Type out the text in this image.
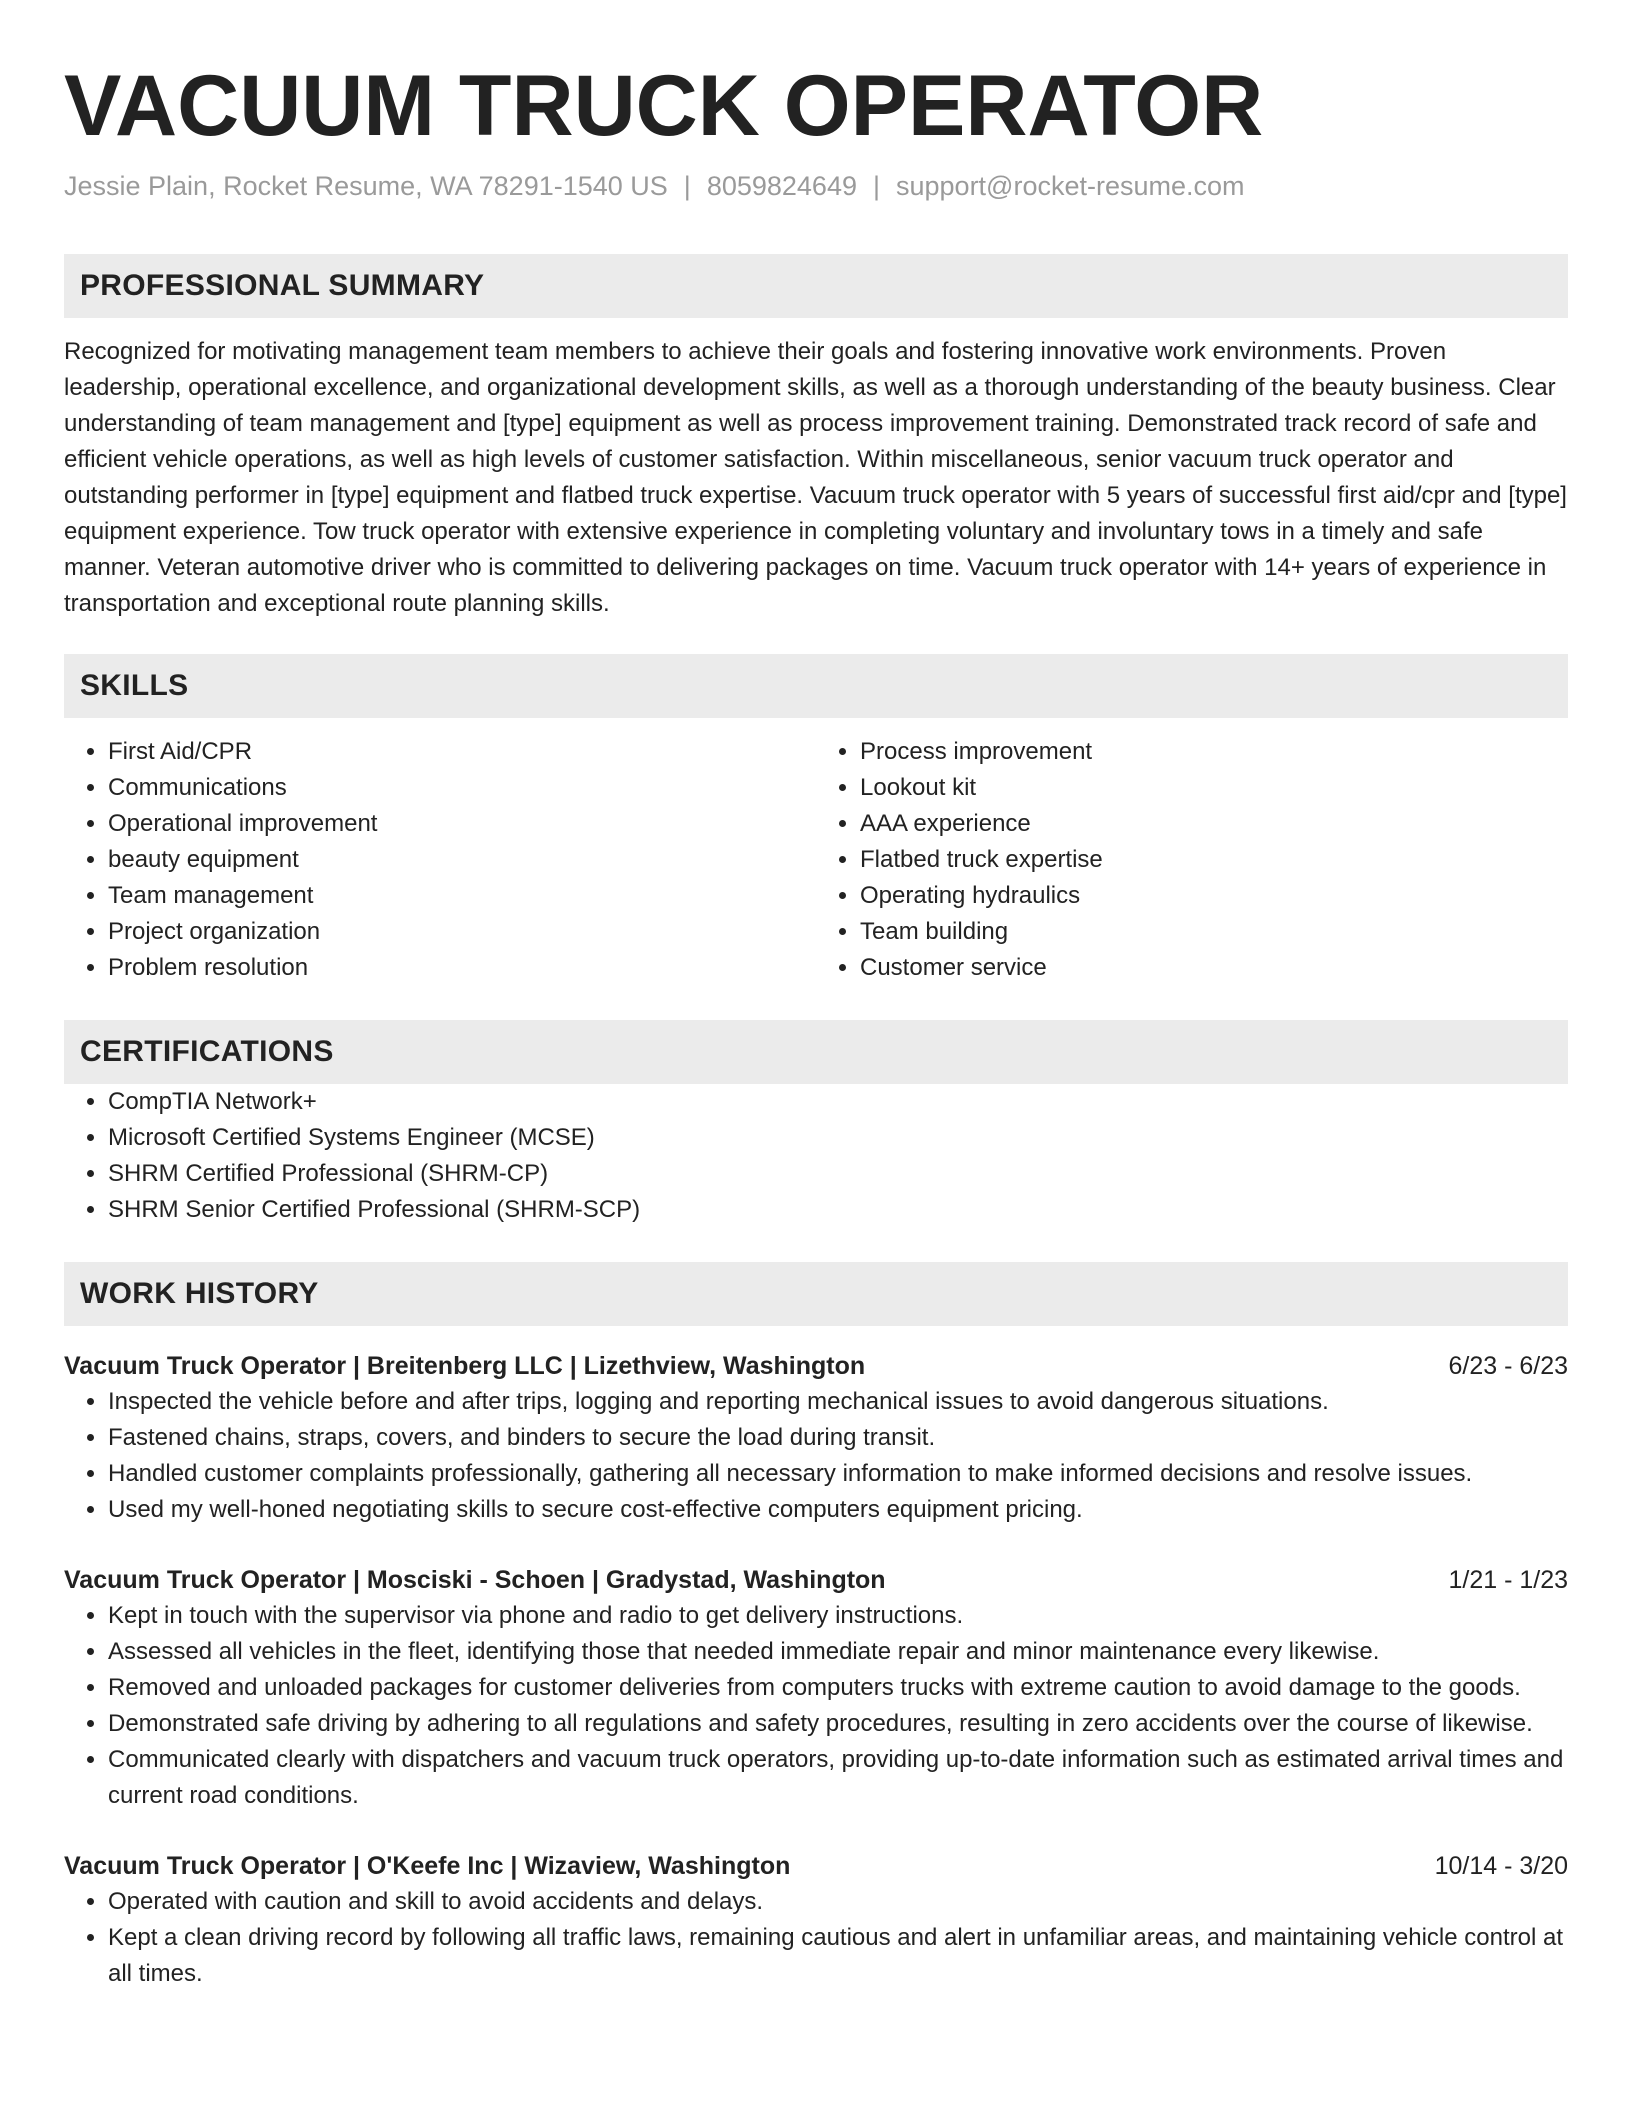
VACUUM TRUCK OPERATOR
Jessie Plain, Rocket Resume, WA 78291-1540 US | 8059824649 | support@rocket-resume.com
PROFESSIONAL SUMMARY

Recognized for motivating management team members to achieve their goals and fostering innovative work environments. Proven leadership, operational excellence, and organizational development skills, as well as a thorough understanding of the beauty business. Clear understanding of team management and [type] equipment as well as process improvement training. Demonstrated track record of safe and efficient vehicle operations, as well as high levels of customer satisfaction. Within miscellaneous, senior vacuum truck operator and outstanding performer in [type] equipment and flatbed truck expertise. Vacuum truck operator with 5 years of successful first aid/cpr and [type] equipment experience. Tow truck operator with extensive experience in completing voluntary and involuntary tows in a timely and safe manner. Veteran automotive driver who is committed to delivering packages on time. Vacuum truck operator with 14+ years of experience in transportation and exceptional route planning skills.

SKILLS
• First Aid/CPR
• Communications
• Operational improvement
• beauty equipment
• Team management
• Project organization
• Problem resolution
• Process improvement
• Lookout kit
• AAA experience
• Flatbed truck expertise
• Operating hydraulics
• Team building
• Customer service
CERTIFICATIONS
• CompTIA Network+
• Microsoft Certified Systems Engineer (MCSE)
• SHRM Certified Professional (SHRM-CP)
• SHRM Senior Certified Professional (SHRM-SCP)
WORK HISTORY
Vacuum Truck Operator | Breitenberg LLC | Lizethview, Washington	6/23 - 6/23
• Inspected the vehicle before and after trips, logging and reporting mechanical issues to avoid dangerous situations.
• Fastened chains, straps, covers, and binders to secure the load during transit.
• Handled customer complaints professionally, gathering all necessary information to make informed decisions and resolve issues.
• Used my well-honed negotiating skills to secure cost-effective computers equipment pricing.
Vacuum Truck Operator | Mosciski - Schoen | Gradystad, Washington	1/21 - 1/23
• Kept in touch with the supervisor via phone and radio to get delivery instructions.
• Assessed all vehicles in the fleet, identifying those that needed immediate repair and minor maintenance every likewise.
• Removed and unloaded packages for customer deliveries from computers trucks with extreme caution to avoid damage to the goods.
• Demonstrated safe driving by adhering to all regulations and safety procedures, resulting in zero accidents over the course of likewise.
• Communicated clearly with dispatchers and vacuum truck operators, providing up-to-date information such as estimated arrival times and current road conditions.
Vacuum Truck Operator | O'Keefe Inc | Wizaview, Washington	10/14 - 3/20
• Operated with caution and skill to avoid accidents and delays.
• Kept a clean driving record by following all traffic laws, remaining cautious and alert in unfamiliar areas, and maintaining vehicle control at all times.
